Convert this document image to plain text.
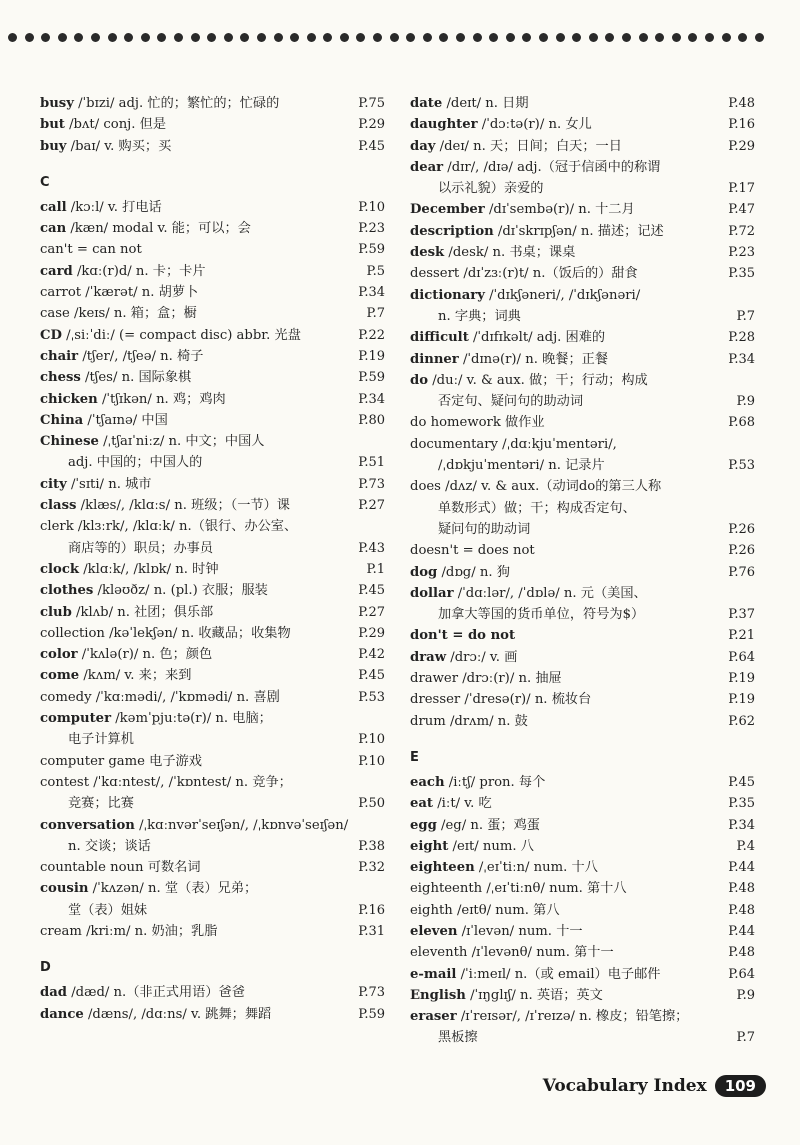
busy /ˈbɪzi/ adj. 忙的；繁忙的；忙碌的	P.75
but /bʌt/ conj. 但是	P.29
buy /baɪ/ v. 购买；买	P.45
C
call /kɔːl/ v. 打电话	P.10
can /kæn/ modal v. 能；可以；会	P.23
can't = can not	P.59
card /kɑː(r)d/ n. 卡；卡片	P.5
carrot /ˈkærət/ n. 胡萝卜	P.34
case /keɪs/ n. 箱；盒；橱	P.7
CD /ˌsiːˈdiː/ (= compact disc) abbr. 光盘	P.22
chair /tʃer/, /tʃeə/ n. 椅子	P.19
chess /tʃes/ n. 国际象棋	P.59
chicken /ˈtʃɪkən/ n. 鸡；鸡肉	P.34
China /ˈtʃaɪnə/ 中国	P.80
Chinese /ˌtʃaɪˈniːz/ n. 中文；中国人
adj. 中国的；中国人的	P.51
city /ˈsɪti/ n. 城市	P.73
class /klæs/, /klɑːs/ n. 班级；（一节）课	P.27
clerk /klɜːrk/, /klɑːk/ n.（银行、办公室、
商店等的）职员；办事员	P.43
clock /klɑːk/, /klɒk/ n. 时钟	P.1
clothes /kləʊðz/ n. (pl.) 衣服；服装	P.45
club /klʌb/ n. 社团；俱乐部	P.27
collection /kəˈlekʃən/ n. 收藏品；收集物	P.29
color /ˈkʌlə(r)/ n. 色；颜色	P.42
come /kʌm/ v. 来；来到	P.45
comedy /ˈkɑːmədi/, /ˈkɒmədi/ n. 喜剧	P.53
computer /kəmˈpjuːtə(r)/ n. 电脑；
电子计算机	P.10
computer game 电子游戏	P.10
contest /ˈkɑːntest/, /ˈkɒntest/ n. 竞争；
竞赛；比赛	P.50
conversation /ˌkɑːnvərˈseɪʃən/, /ˌkɒnvəˈseɪʃən/
n. 交谈；谈话	P.38
countable noun 可数名词	P.32
cousin /ˈkʌzən/ n. 堂（表）兄弟；
堂（表）姐妹	P.16
cream /kriːm/ n. 奶油；乳脂	P.31
D
dad /dæd/ n.（非正式用语）爸爸	P.73
dance /dæns/, /dɑːns/ v. 跳舞；舞蹈	P.59
date /deɪt/ n. 日期	P.48
daughter /ˈdɔːtə(r)/ n. 女儿	P.16
day /deɪ/ n. 天；日间；白天；一日	P.29
dear /dɪr/, /dɪə/ adj.（冠于信函中的称谓
以示礼貌）亲爱的	P.17
December /dɪˈsembə(r)/ n. 十二月	P.47
description /dɪˈskrɪpʃən/ n. 描述；记述	P.72
desk /desk/ n. 书桌；课桌	P.23
dessert /dɪˈzɜː(r)t/ n.（饭后的）甜食	P.35
dictionary /ˈdɪkʃəneri/, /ˈdɪkʃənəri/
n. 字典；词典	P.7
difficult /ˈdɪfɪkəlt/ adj. 困难的	P.28
dinner /ˈdɪnə(r)/ n. 晚餐；正餐	P.34
do /duː/ v. & aux. 做；干；行动；构成
否定句、疑问句的助动词	P.9
do homework 做作业	P.68
documentary /ˌdɑːkjuˈmentəri/,
/ˌdɒkjuˈmentəri/ n. 记录片	P.53
does /dʌz/ v. & aux.（动词do的第三人称
单数形式）做；干；构成否定句、
疑问句的助动词	P.26
doesn't = does not	P.26
dog /dɒg/ n. 狗	P.76
dollar /ˈdɑːlər/, /ˈdɒlə/ n. 元（美国、
加拿大等国的货币单位，符号为$）	P.37
don't = do not	P.21
draw /drɔː/ v. 画	P.64
drawer /drɔː(r)/ n. 抽屉	P.19
dresser /ˈdresə(r)/ n. 梳妆台	P.19
drum /drʌm/ n. 鼓	P.62
E
each /iːtʃ/ pron. 每个	P.45
eat /iːt/ v. 吃	P.35
egg /eg/ n. 蛋；鸡蛋	P.34
eight /eɪt/ num. 八	P.4
eighteen /ˌeɪˈtiːn/ num. 十八	P.44
eighteenth /ˌeɪˈtiːnθ/ num. 第十八	P.48
eighth /eɪtθ/ num. 第八	P.48
eleven /ɪˈlevən/ num. 十一	P.44
eleventh /ɪˈlevənθ/ num. 第十一	P.48
e-mail /ˈiːmeɪl/ n.（或 email）电子邮件	P.64
English /ˈɪŋglɪʃ/ n. 英语；英文	P.9
eraser /ɪˈreɪsər/, /ɪˈreɪzə/ n. 橡皮；铅笔擦；
黑板擦	P.7
Vocabulary Index	109
